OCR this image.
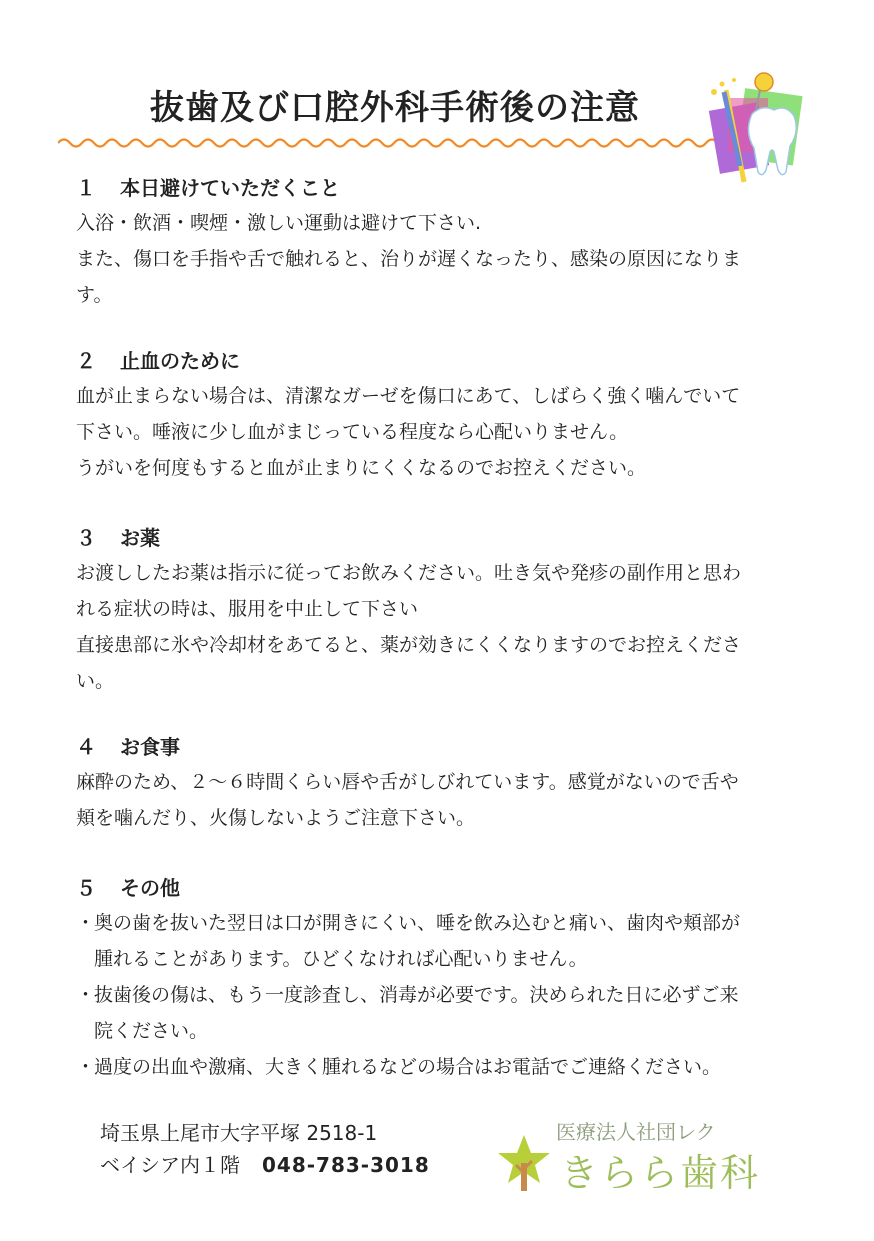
抜歯及び口腔外科手術後の注意
１ 本日避けていただくこと
入浴・飲酒・喫煙・激しい運動は避けて下さい.
また、傷口を手指や舌で触れると、治りが遅くなったり、感染の原因になりま
す。
２ 止血のために
血が止まらない場合は、清潔なガーゼを傷口にあて、しばらく強く噛んでいて
下さい。唾液に少し血がまじっている程度なら心配いりません。
うがいを何度もすると血が止まりにくくなるのでお控えください。
３ お薬
お渡ししたお薬は指示に従ってお飲みください。吐き気や発疹の副作用と思わ
れる症状の時は、服用を中止して下さい
直接患部に氷や冷却材をあてると、薬が効きにくくなりますのでお控えくださ
い。
４ お食事
麻酔のため、２～６時間くらい唇や舌がしびれています。感覚がないので舌や
頬を噛んだり、火傷しないようご注意下さい。
５ その他
・
奥の歯を抜いた翌日は口が開きにくい、唾を飲み込むと痛い、歯肉や頬部が
腫れることがあります。ひどくなければ心配いりません。
・
抜歯後の傷は、もう一度診査し、消毒が必要です。決められた日に必ずご来
院ください。
・
過度の出血や激痛、大きく腫れるなどの場合はお電話でご連絡ください。
埼玉県上尾市大字平塚 2518-1
ベイシア内１階 048-783-3018
医療法人社団レク
きらら歯科
